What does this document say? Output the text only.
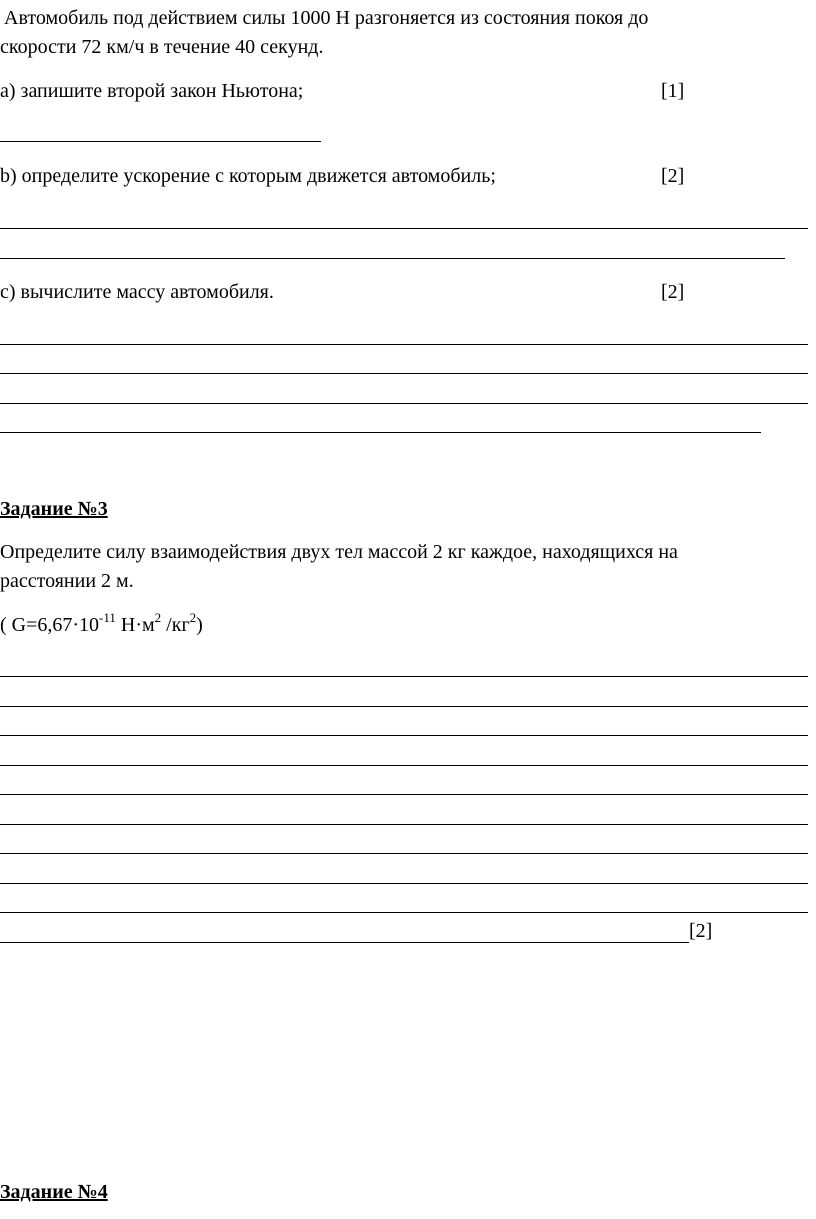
Автомобиль под действием силы 1000 Н разгоняется из состояния покоя до
скорости 72 км/ч в течение 40 секунд.
а) запишите второй закон Ньютона;	[1]
b) определите ускорение с которым движется автомобиль;	[2]
с) вычислите массу автомобиля.	[2]
Задание №3
Определите силу взаимодействия двух тел массой 2 кг каждое, находящихся на
расстоянии 2 м.
( $G=6,67\cdot 10^{-11}$ $Н\cdot м^2$ $/кг^2$)
[2]
Задание №4
